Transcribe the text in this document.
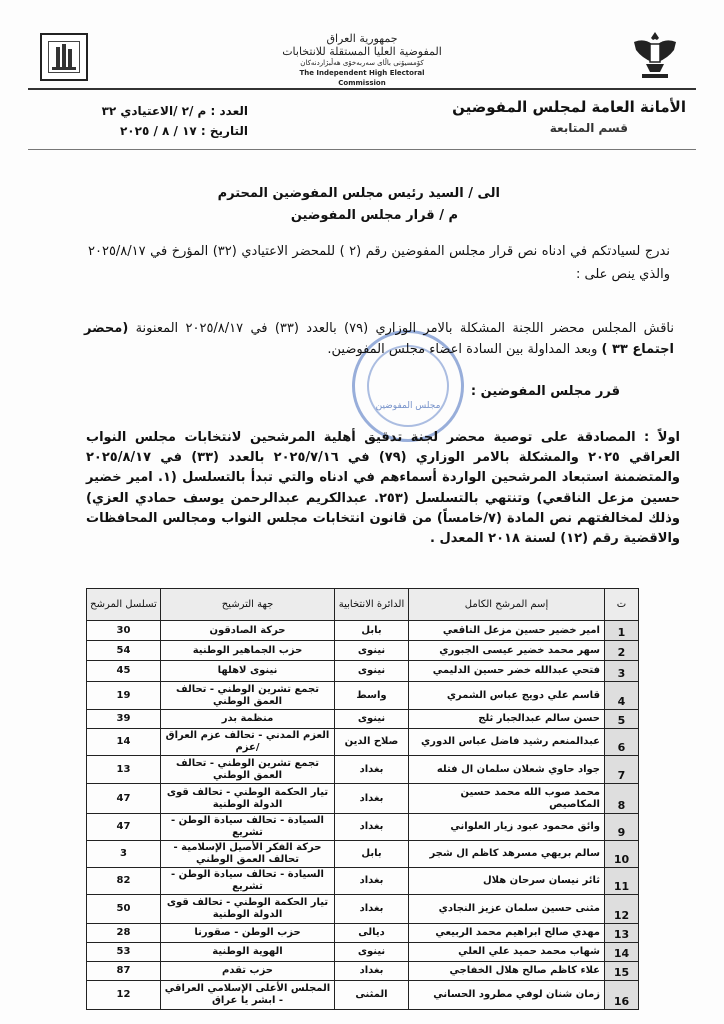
جمهورية العراق
المفوضية العليا المستقلة للانتخابات
كۆمسیۆنی باڵای سەربەخۆی هەڵبژاردنەکان
The Independent High Electoral Commission
الأمانة العامة لمجلس المفوضين
قسم المتابعة
العدد : م /٢ /الاعتيادي ٣٢
التاريخ : ١٧ / ٨ / ٢٠٢٥
الى / السيد رئيس مجلس المفوضين المحترم
م / قرار مجلس المفوضين

ندرج لسيادتكم في ادناه نص قرار مجلس المفوضين رقم (٢ ) للمحضر الاعتيادي (٣٢) المؤرخ في ٢٠٢٥/٨/١٧ والذي ينص على :

مجلس المفوضين

ناقش المجلس محضر اللجنة المشكلة بالامر الوزاري (٧٩) بالعدد (٣٣) في ٢٠٢٥/٨/١٧ المعنونة (محضر اجتماع ٣٣ ) وبعد المداولة بين السادة اعضاء مجلس المفوضين.

قرر مجلس المفوضين :

اولاً : المصادقة على توصية محضر لجنة تدقيق أهلية المرشحين لانتخابات مجلس النواب العراقي ٢٠٢٥ والمشكلة بالامر الوزاري (٧٩) في ٢٠٢٥/٧/١٦ بالعدد (٣٣) في ٢٠٢٥/٨/١٧ والمتضمنة استبعاد المرشحين الواردة أسماءهم في ادناه والتي تبدأ بالتسلسل (١. امير خضير حسين مزعل الناقعي) وتنتهي بالتسلسل (٢٥٣. عبدالكريم عبدالرحمن يوسف حمادي العزي) وذلك لمخالفتهم نص المادة (٧/خامساً) من قانون انتخابات مجلس النواب ومجالس المحافظات والاقضية رقم (١٢) لسنة ٢٠١٨ المعدل .

ت	إسم المرشح الكامل	الدائرة الانتخابية	جهة الترشيح	تسلسل المرشح
1	امير خضير حسين مزعل الناقعي	بابل	حركة الصادقون	30
2	سهر محمد خضير عيسى الجبوري	نينوى	حزب الجماهير الوطنية	54
3	فتحي عبدالله خضر حسين الدليمي	نينوى	نينوى لاهلها	45
4	قاسم علي دويج عباس الشمري	واسط	تجمع تشرين الوطني - تحالف العمق الوطني	19
5	حسن سالم عبدالجبار ثلج	نينوى	منظمة بدر	39
6	عبدالمنعم رشيد فاضل عباس الدوري	صلاح الدين	العزم المدني - تحالف عزم العراق /عزم	14
7	جواد حاوي شعلان سلمان ال فتله	بغداد	تجمع تشرين الوطني - تحالف العمق الوطني	13
8	محمد صوب الله محمد حسين المكاصيص	بغداد	تيار الحكمة الوطني - تحالف قوى الدولة الوطنية	47
9	وائق محمود عبود زيار العلواني	بغداد	السيادة - تحالف سيادة الوطن - تشريع	47
10	سالم بريهي مسرهد كاظم ال شجر	بابل	حركة الفكر الأصيل الإسلامية - تحالف العمق الوطني	3
11	ثائر نيسان سرحان هلال	بغداد	السيادة - تحالف سيادة الوطن - تشريع	82
12	مثنى حسين سلمان عزيز النجادي	بغداد	تيار الحكمة الوطني - تحالف قوى الدولة الوطنية	50
13	مهدي صالح ابراهيم محمد الربيعي	ديالى	حزب الوطن - صقورنا	28
14	شهاب محمد حميد علي العلي	نينوى	الهوية الوطنية	53
15	علاء كاظم صالح هلال الخفاجي	بغداد	حزب تقدم	87
16	زمان شنان لوفي مطرود الحساني	المثنى	المجلس الأعلى الإسلامي العراقي - ابشر يا عراق	12
